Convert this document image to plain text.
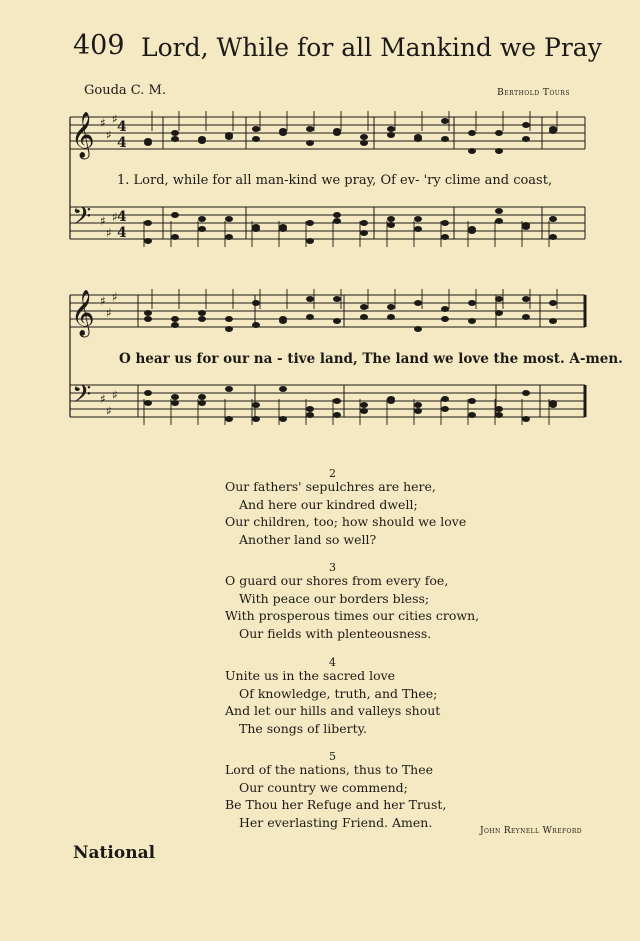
409 Lord, While for all Mankind we Pray
Gouda C. M.	Berthold Tours
𝄞
𝄢
♯
♯
♯
♯
♯
♯
𝄞
𝄢
♯
♯
♯
♯
♯
♯
4
4
4
4
1. Lord, while for all man-kind we pray, Of ev- 'ry clime and coast,
O hear us for our na - tive land, The land we love the most. A-men.
2
Our fathers' sepulchres are here,
And here our kindred dwell;
Our children, too; how should we love
Another land so well?
3
O guard our shores from every foe,
With peace our borders bless;
With prosperous times our cities crown,
Our fields with plenteousness.
4
Unite us in the sacred love
Of knowledge, truth, and Thee;
And let our hills and valleys shout
The songs of liberty.
5
Lord of the nations, thus to Thee
Our country we commend;
Be Thou her Refuge and her Trust,
Her everlasting Friend. Amen.
John Reynell Wreford
National
